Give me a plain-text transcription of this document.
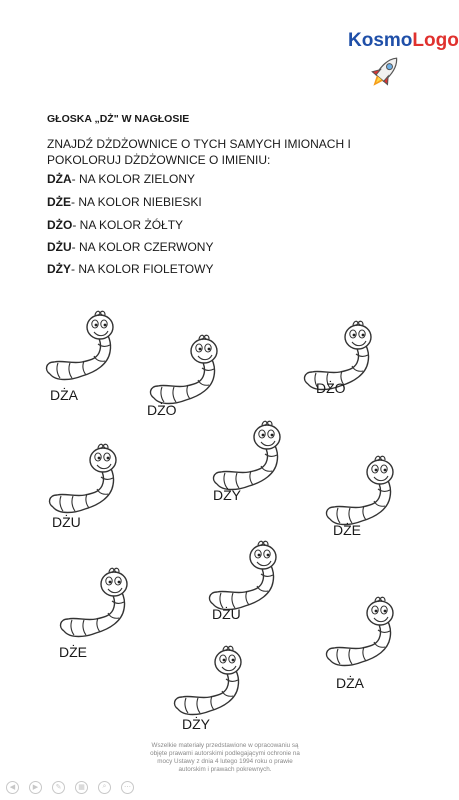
KosmoLogo
GŁOSKA „DŻ" W NAGŁOSIE
ZNAJDŹ DŻDŻOWNICE O TYCH SAMYCH IMIONACH I POKOLORUJ DŻDŻOWNICE O IMIENIU:
DŻA- NA KOLOR ZIELONY
DŻE- NA KOLOR NIEBIESKI
DŻO- NA KOLOR ŻÓŁTY
DŻU- NA KOLOR CZERWONY
DŻY- NA KOLOR FIOLETOWY
DŻA
DŻO
DŻO
DŻY
DŻU	DŻE
DŻU
DŻE
DŻA
DŻY
Wszelkie materiały przedstawione w opracowaniu są objęte prawami autorskimi podlegającymi ochronie na mocy Ustawy z dnia 4 lutego 1994 roku o prawie autorskim i prawach pokrewnych.
◀	▶	✎	▦	⌕	⋯
